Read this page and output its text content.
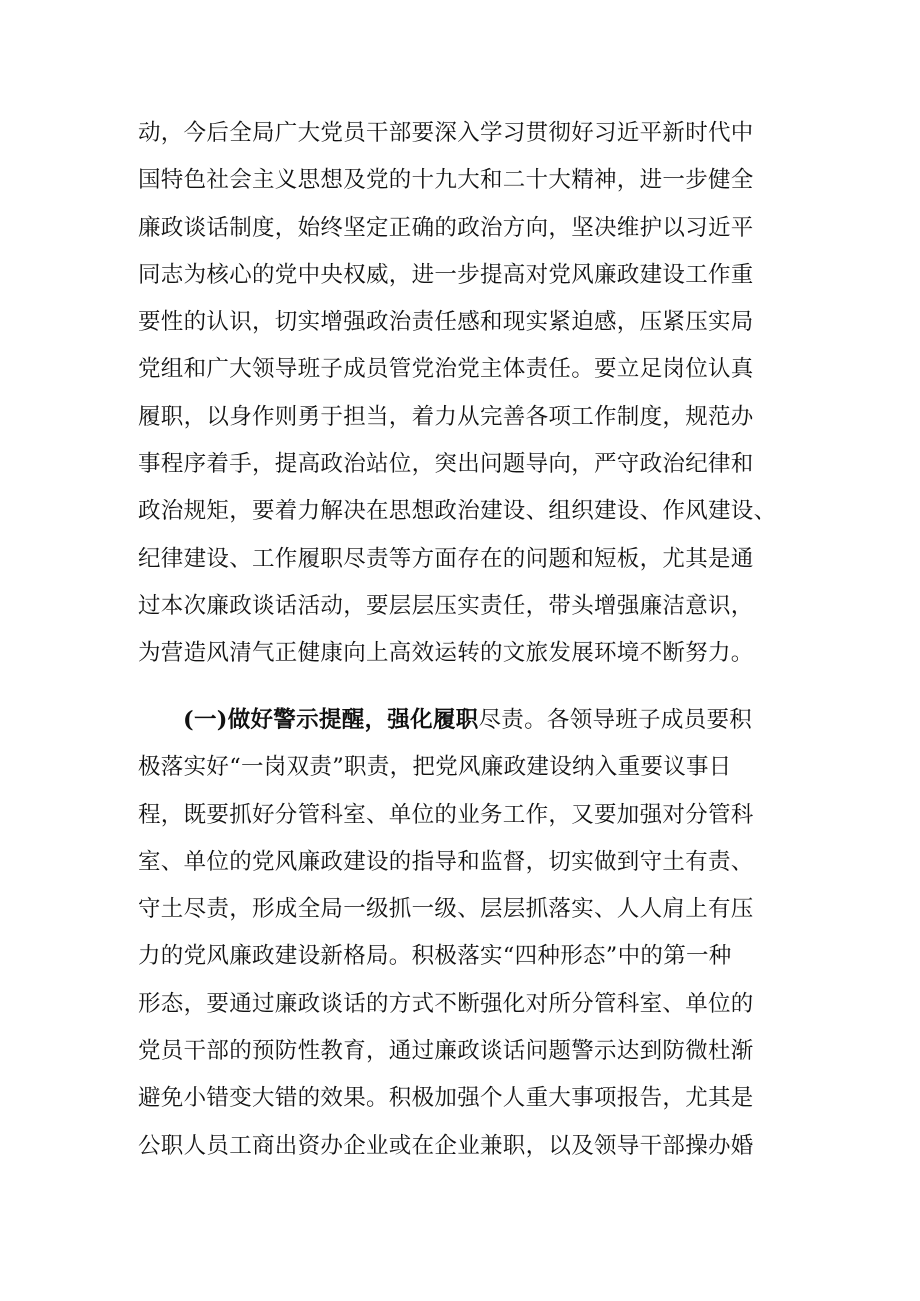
动，今后全局广大党员干部要深入学习贯彻好习近平新时代中
国特色社会主义思想及党的十九大和二十大精神，进一步健全
廉政谈话制度，始终坚定正确的政治方向，坚决维护以习近平
同志为核心的党中央权威，进一步提高对党风廉政建设工作重
要性的认识，切实增强政治责任感和现实紧迫感，压紧压实局
党组和广大领导班子成员管党治党主体责任。要立足岗位认真
履职，以身作则勇于担当，着力从完善各项工作制度，规范办
事程序着手，提高政治站位，突出问题导向，严守政治纪律和
政治规矩，要着力解决在思想政治建设、组织建设、作风建设、
纪律建设、工作履职尽责等方面存在的问题和短板，尤其是通
过本次廉政谈话活动，要层层压实责任，带头增强廉洁意识，
为营造风清气正健康向上高效运转的文旅发展环境不断努力。
(一)做好警示提醒，强化履职尽责。各领导班子成员要积
极落实好“一岗双责”职责，把党风廉政建设纳入重要议事日
程，既要抓好分管科室、单位的业务工作，又要加强对分管科
室、单位的党风廉政建设的指导和监督，切实做到守土有责、
守土尽责，形成全局一级抓一级、层层抓落实、人人肩上有压
力的党风廉政建设新格局。积极落实“四种形态”中的第一种
形态，要通过廉政谈话的方式不断强化对所分管科室、单位的
党员干部的预防性教育，通过廉政谈话问题警示达到防微杜渐
避免小错变大错的效果。积极加强个人重大事项报告，尤其是
公职人员工商出资办企业或在企业兼职，以及领导干部操办婚
